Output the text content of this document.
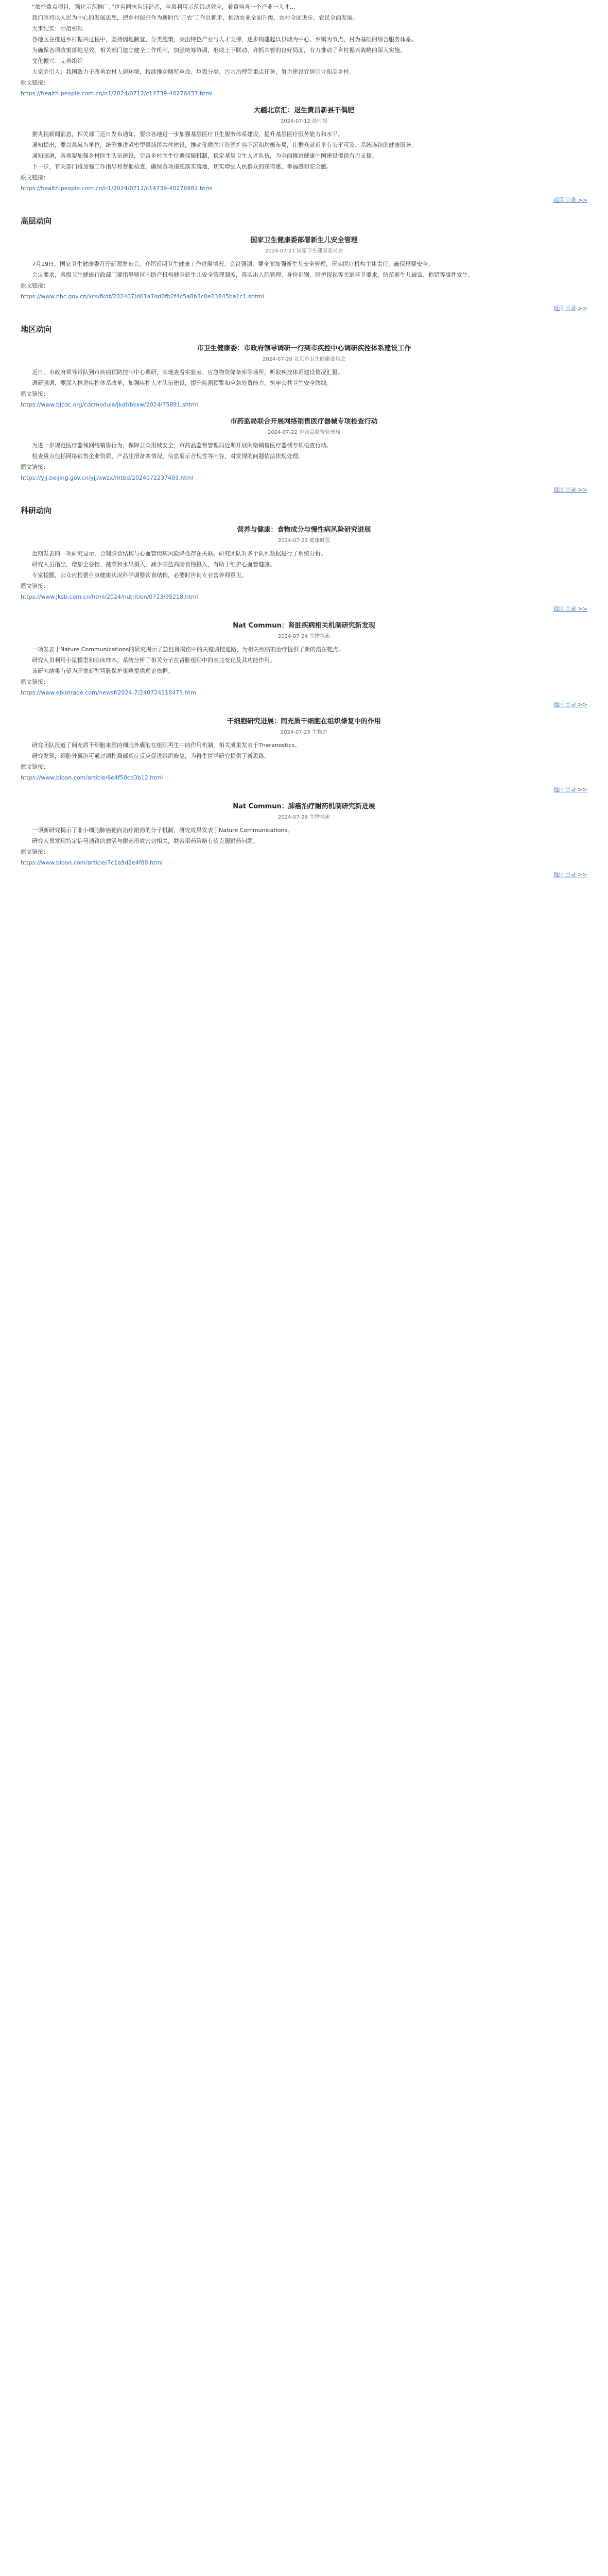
“依托重点项目，强化示范推广。”这名同志告诉记者，全县利用示范带动效应，着重培育一个产业一人才…

我们坚持以人民为中心的发展思想，把乡村振兴作为新时代‘三农’工作总抓手，推动农业全面升级、农村全面进步、农民全面发展。

大事纪实：示范引领

各地区在推进乡村振兴过程中，坚持因地制宜、分类施策，突出特色产业与人才支撑，逐步构建起以县城为中心、乡镇为节点、村为基础的综合服务体系。

为确保各项政策落地见效，相关部门建立健全工作机制，加强统筹协调，形成上下联动、齐抓共管的良好局面，有力推动了乡村振兴战略的深入实施。

文化振兴：完善组织

大家庭引入：我国致力于改善农村人居环境，持续推动厕所革命、垃圾分类、污水治理等重点任务，努力建设宜居宜业和美乡村。

原文链接：

https://health.people.com.cn/n1/2024/0712/c14739-40276437.html

大疆北京汇：退生黄昌新县不偶肥
2024-07-12 晨时晨

据央视新闻消息，相关部门近日发布通知，要求各地进一步加强基层医疗卫生服务体系建设，提升基层医疗服务能力和水平。

通知提出，要以县域为单位，统筹推进紧密型县域医共体建设，推动优质医疗资源扩容下沉和均衡布局，让群众就近享有公平可及、系统连续的健康服务。

通知强调，各地要加强乡村医生队伍建设，完善乡村医生待遇保障机制，稳定基层卫生人才队伍，为全面推进健康中国建设提供有力支撑。

下一步，有关部门将加强工作指导和督促检查，确保各项措施落实落地，切实增强人民群众的获得感、幸福感和安全感。

原文链接：

https://health.people.com.cn/n1/2024/0712/c14739-40276982.html

返回目录 >>
高层动向
国家卫生健康委部署新生儿安全管理
2024-07-21 国家卫生健康委员会

7月19日，国家卫生健康委召开新闻发布会，介绍近期卫生健康工作进展情况。会议强调，要全面加强新生儿安全管理，压实医疗机构主体责任，确保母婴安全。

会议要求，各级卫生健康行政部门要指导辖区内助产机构健全新生儿安全管理制度，落实出入院管理、身份识别、陪护探视等关键环节要求，防范新生儿被盗、抱错等事件发生。

原文链接：

https://www.nhc.gov.cn/xcs/fkdt/202407/d61a7dd0fb2f4c5a8b3c0e23845ba1c1.shtml

返回目录 >>
地区动向
市卫生健康委：市政府领导调研一行到市疾控中心调研疾控体系建设工作
2024-07-20 北京市卫生健康委员会

近日，市政府领导带队到市疾病预防控制中心调研，实地查看实验室、应急物资储备库等场所，听取疾控体系建设情况汇报。

调研强调，要深入推进疾控体系改革，加强疾控人才队伍建设，提升监测预警和应急处置能力，筑牢公共卫生安全防线。

原文链接：

https://www.bjcdc.org/cdcmodule/jkdt/bsxw/2024/75891.shtml

市药监局联合开展网络销售医疗器械专项检查行动
2024-07-22 市药品监督管理局

为进一步规范医疗器械网络销售行为，保障公众用械安全，市药品监督管理局近期开展网络销售医疗器械专项检查行动。

检查重点包括网络销售企业资质、产品注册备案情况、信息展示合规性等内容，对发现的问题依法依规处理。

原文链接：

https://yjj.beijing.gov.cn/yjj/xwzx/mtbd/2024072237493.html

返回目录 >>
科研动向
营养与健康：食物成分与慢性病风险研究进展
2024-07-23 健康时报

近期发表的一项研究显示，合理膳食结构与心血管疾病风险降低存在关联。研究团队对多个队列数据进行了系统分析。

研究人员指出，增加全谷物、蔬菜和水果摄入，减少高盐高脂食物摄入，有助于维护心血管健康。

专家提醒，公众应根据自身健康状况科学调整饮食结构，必要时咨询专业营养师意见。

原文链接：

https://www.jksb.com.cn/html/2024/nutrition/0723/95218.html

返回目录 >>
Nat Commun：肾脏疾病相关机制研究新发现
2024-07-24 生物探索

一项发表于Nature Communications的研究揭示了急性肾损伤中的关键调控通路，为相关疾病的治疗提供了新的潜在靶点。

研究人员利用小鼠模型和临床样本，系统分析了相关分子在肾脏组织中的表达变化及其功能作用。

该研究结果有望为开发新型肾脏保护策略提供理论依据。

原文链接：

https://www.ebiotrade.com/newsf/2024-7/240724118473.htm

返回目录 >>
干细胞研究进展：间充质干细胞在组织修复中的作用
2024-07-25 生物谷

研究团队报道了间充质干细胞来源的细胞外囊泡在组织再生中的作用机制，相关成果发表于Theranostics。

研究发现，细胞外囊泡可通过调控局部炎症反应促进组织修复，为再生医学研究提供了新思路。

原文链接：

https://www.bioon.com/article/6e4f50cd3b12.html

返回目录 >>
Nat Commun：肺癌治疗耐药机制研究新进展
2024-07-26 生物探索

一项新研究揭示了非小细胞肺癌靶向治疗耐药的分子机制，研究成果发表于Nature Communications。

研究人员发现特定信号通路的激活与耐药形成密切相关，联合用药策略有望克服耐药问题。

原文链接：

https://www.bioon.com/article/7c1a9d2e4f88.html

返回目录 >>
